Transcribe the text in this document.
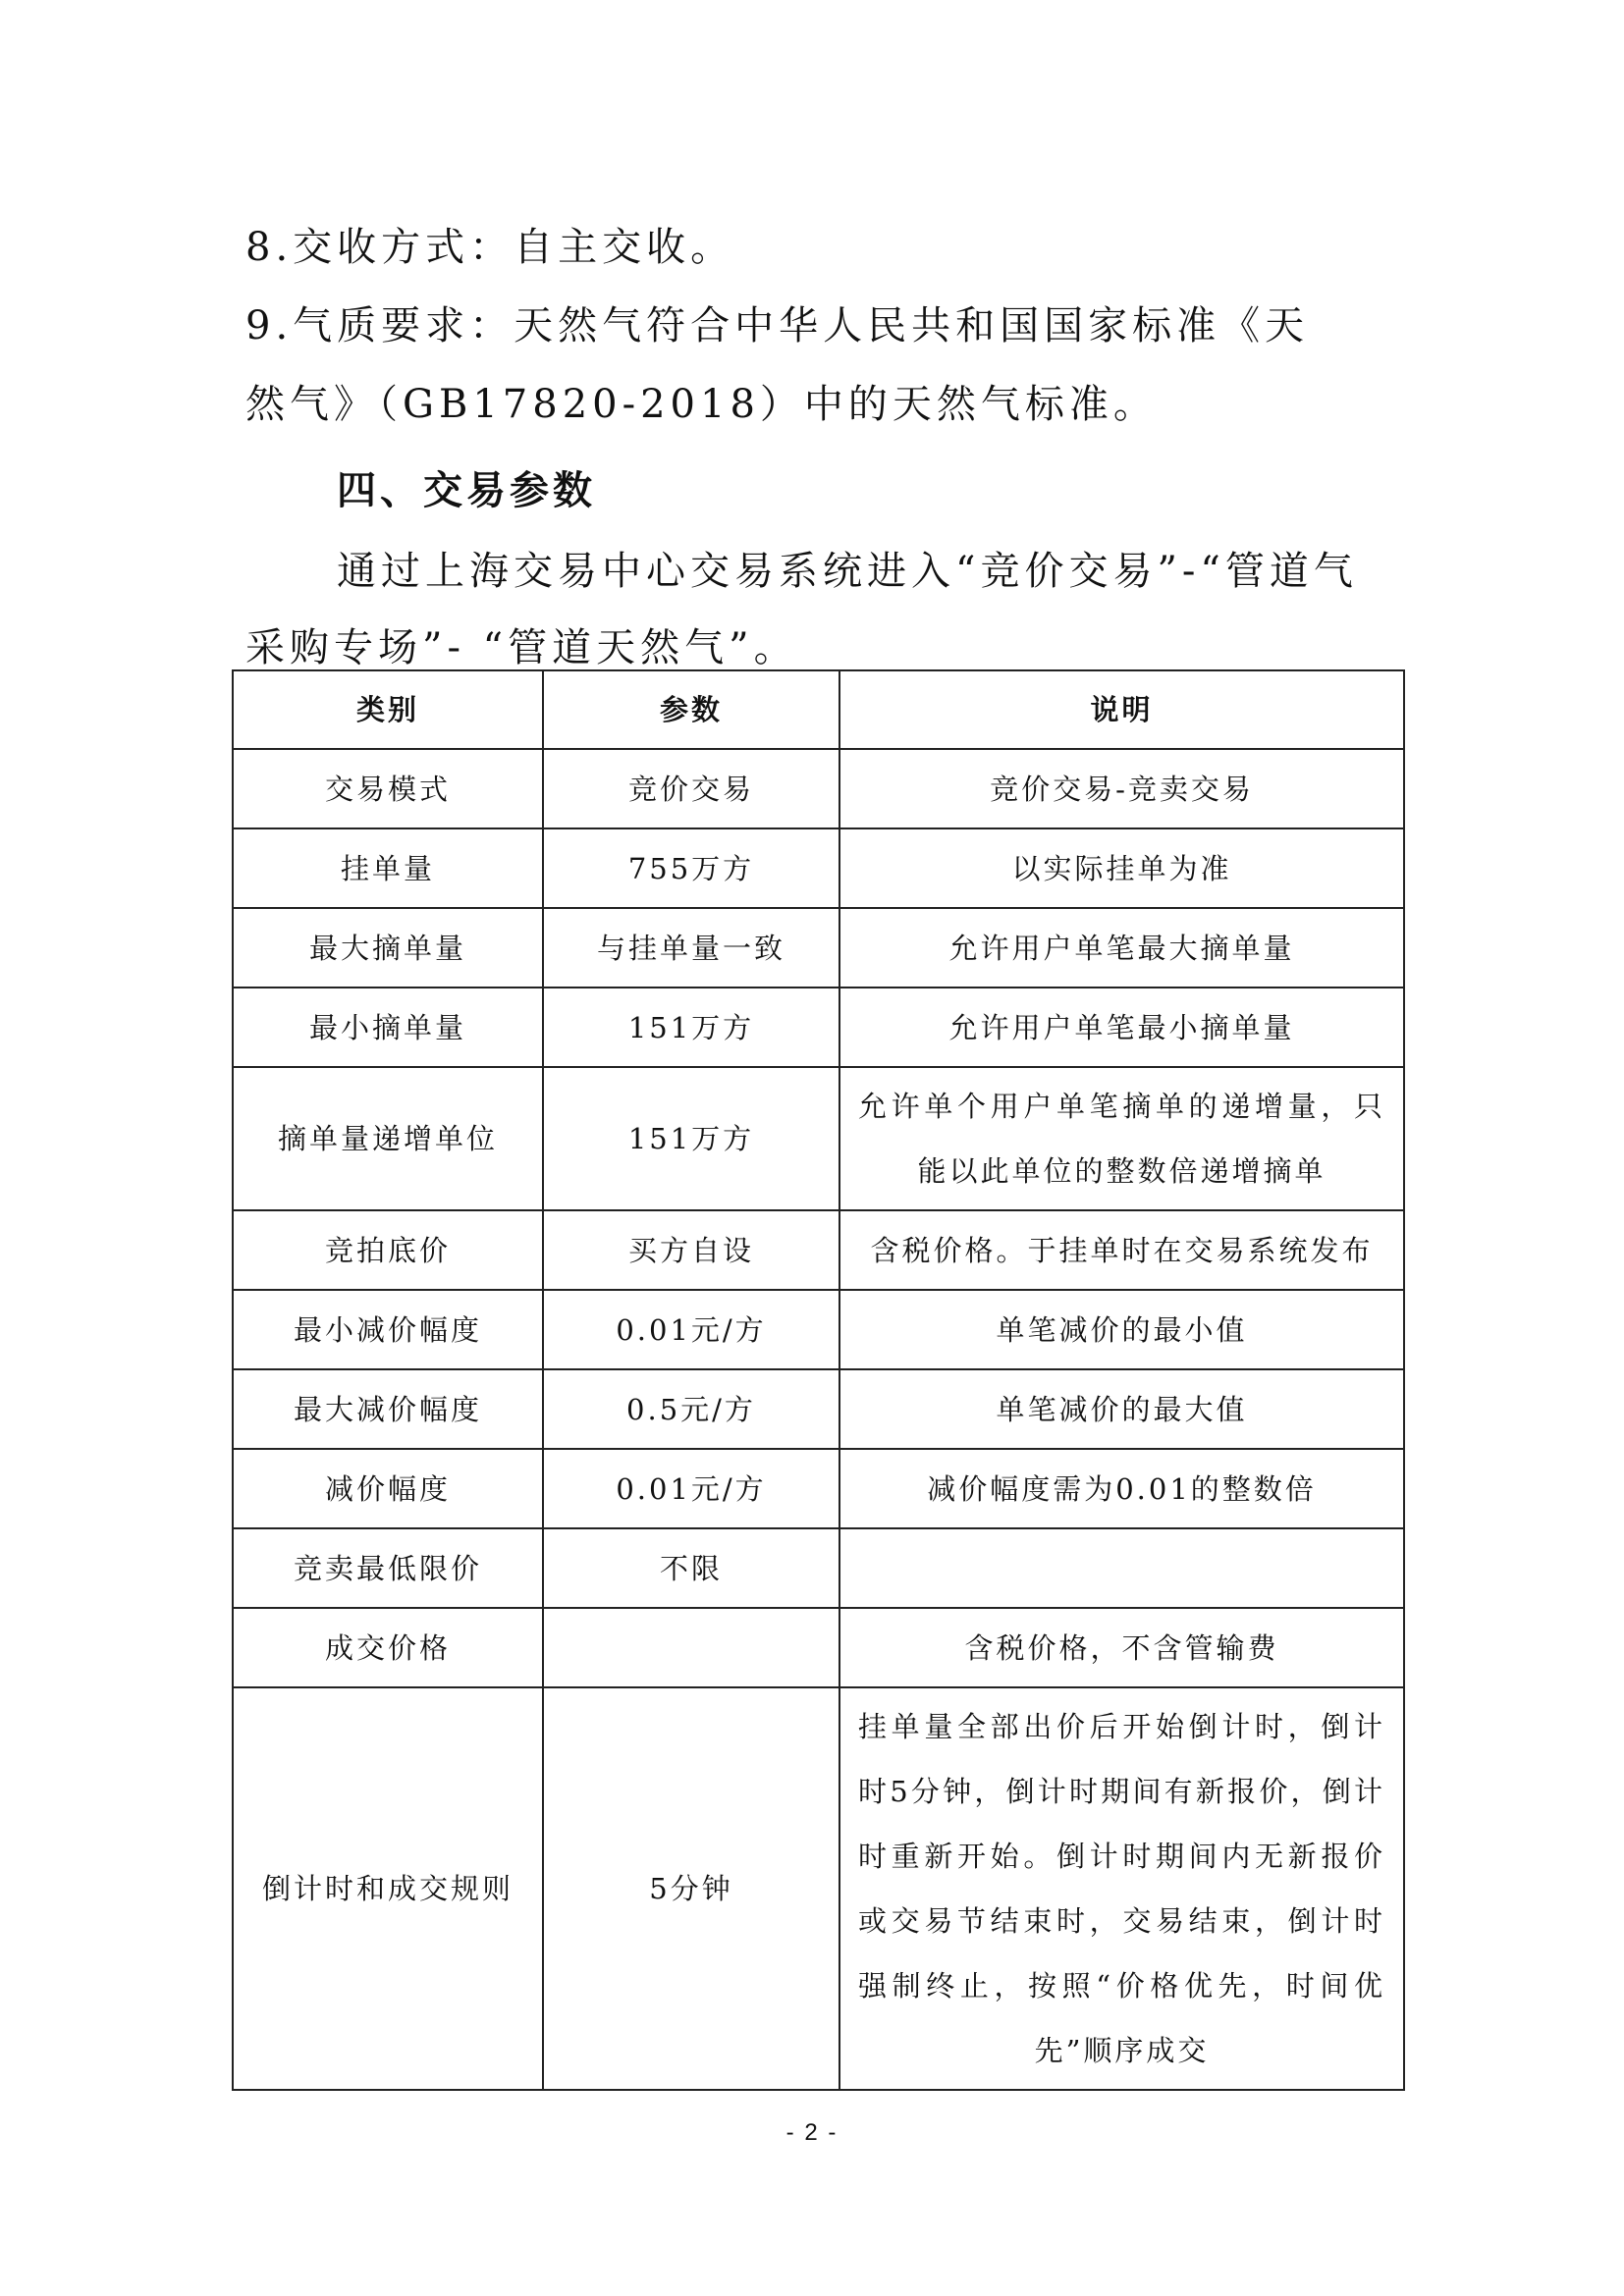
8.交收方式：自主交收。
9.气质要求：天然气符合中华人民共和国国家标准《天
然气》（GB17820-2018）中的天然气标准。
四、交易参数
通过上海交易中心交易系统进入“竞价交易”-“管道气
采购专场”- “管道天然气”。
类别	参数	说明
交易模式	竞价交易	竞价交易-竞卖交易
挂单量	755万方	以实际挂单为准
最大摘单量	与挂单量一致	允许用户单笔最大摘单量
最小摘单量	151万方	允许用户单笔最小摘单量
摘单量递增单位	151万方	允许单个用户单笔摘单的递增量，只能以此单位的整数倍递增摘单
竞拍底价	买方自设	含税价格。于挂单时在交易系统发布
最小减价幅度	0.01元/方	单笔减价的最小值
最大减价幅度	0.5元/方	单笔减价的最大值
减价幅度	0.01元/方	减价幅度需为0.01的整数倍
竞卖最低限价	不限	
成交价格		含税价格，不含管输费
倒计时和成交规则	5分钟	挂单量全部出价后开始倒计时，倒计时5分钟，倒计时期间有新报价，倒计时重新开始。倒计时期间内无新报价或交易节结束时，交易结束，倒计时强制终止，按照“价格优先，时间优先”顺序成交
- 2 -
